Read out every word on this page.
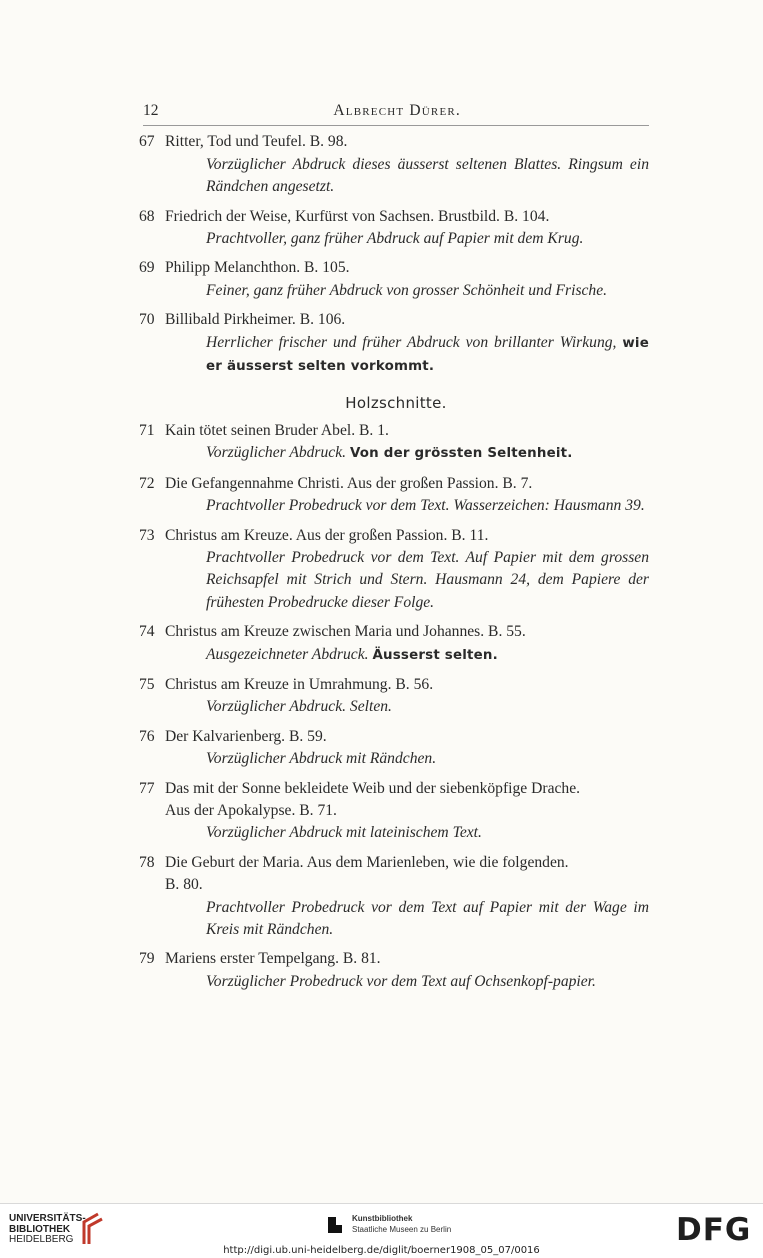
12	Albrecht Dürer.
67 Ritter, Tod und Teufel. B. 98.
Vorzüglicher Abdruck dieses äusserst seltenen Blattes. Ringsum ein Rändchen angesetzt.
68 Friedrich der Weise, Kurfürst von Sachsen. Brustbild. B. 104.
Prachtvoller, ganz früher Abdruck auf Papier mit dem Krug.
69 Philipp Melanchthon. B. 105.
Feiner, ganz früher Abdruck von grosser Schönheit und Frische.
70 Billibald Pirkheimer. B. 106.
Herrlicher frischer und früher Abdruck von brillanter Wirkung, wie er äusserst selten vorkommt.
Holzschnitte.
71 Kain tötet seinen Bruder Abel. B. 1.
Vorzüglicher Abdruck. Von der grössten Seltenheit.
72 Die Gefangennahme Christi. Aus der großen Passion. B. 7.
Prachtvoller Probedruck vor dem Text. Wasserzeichen: Hausmann 39.
73 Christus am Kreuze. Aus der großen Passion. B. 11.
Prachtvoller Probedruck vor dem Text. Auf Papier mit dem grossen Reichsapfel mit Strich und Stern. Hausmann 24, dem Papiere der frühesten Probedrucke dieser Folge.
74 Christus am Kreuze zwischen Maria und Johannes. B. 55.
Ausgezeichneter Abdruck. Äusserst selten.
75 Christus am Kreuze in Umrahmung. B. 56.
Vorzüglicher Abdruck. Selten.
76 Der Kalvarienberg. B. 59.
Vorzüglicher Abdruck mit Rändchen.
77 Das mit der Sonne bekleidete Weib und der siebenköpfige Drache.
Aus der Apokalypse. B. 71.
Vorzüglicher Abdruck mit lateinischem Text.
78 Die Geburt der Maria. Aus dem Marienleben, wie die folgenden.
B. 80.
Prachtvoller Probedruck vor dem Text auf Papier mit der Wage im Kreis mit Rändchen.
79 Mariens erster Tempelgang. B. 81.
Vorzüglicher Probedruck vor dem Text auf Ochsenkopf-papier.
UNIVERSITÄTS-
BIBLIOTHEK
HEIDELBERG
Kunstbibliothek
Staatliche Museen zu Berlin	DFG
http://digi.ub.uni-heidelberg.de/diglit/boerner1908_05_07/0016
